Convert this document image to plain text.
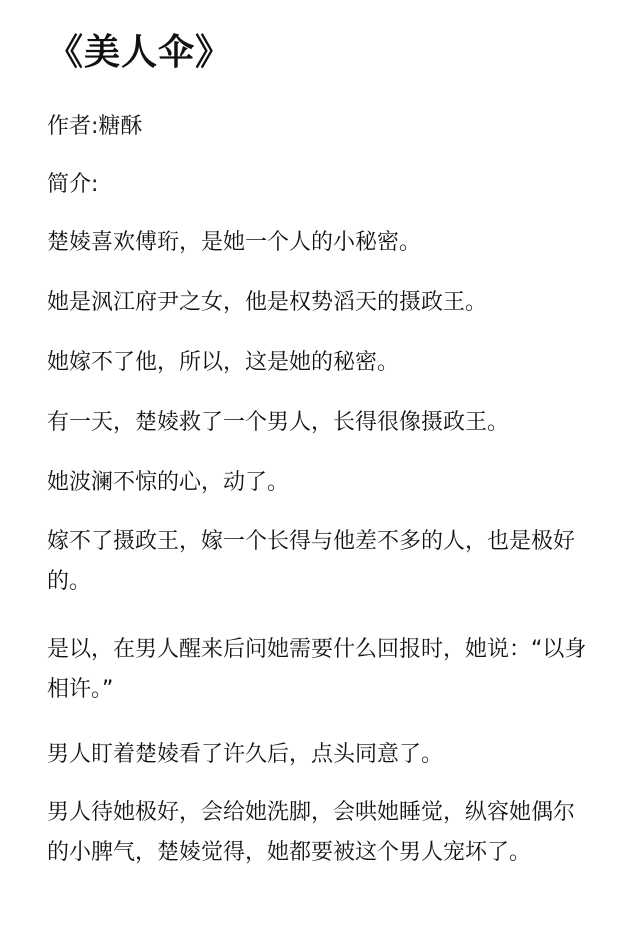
《美人伞》
作者:糖酥
简介:
楚婈喜欢傅珩，是她一个人的小秘密。
她是沨江府尹之女，他是权势滔天的摄政王。
她嫁不了他，所以，这是她的秘密。
有一天，楚婈救了一个男人，长得很像摄政王。
她波澜不惊的心，动了。
嫁不了摄政王，嫁一个长得与他差不多的人，也是极好的。
是以，在男人醒来后问她需要什么回报时，她说：“以身相许。”
男人盯着楚婈看了许久后，点头同意了。
男人待她极好，会给她洗脚，会哄她睡觉，纵容她偶尔的小脾气，楚婈觉得，她都要被这个男人宠坏了。
